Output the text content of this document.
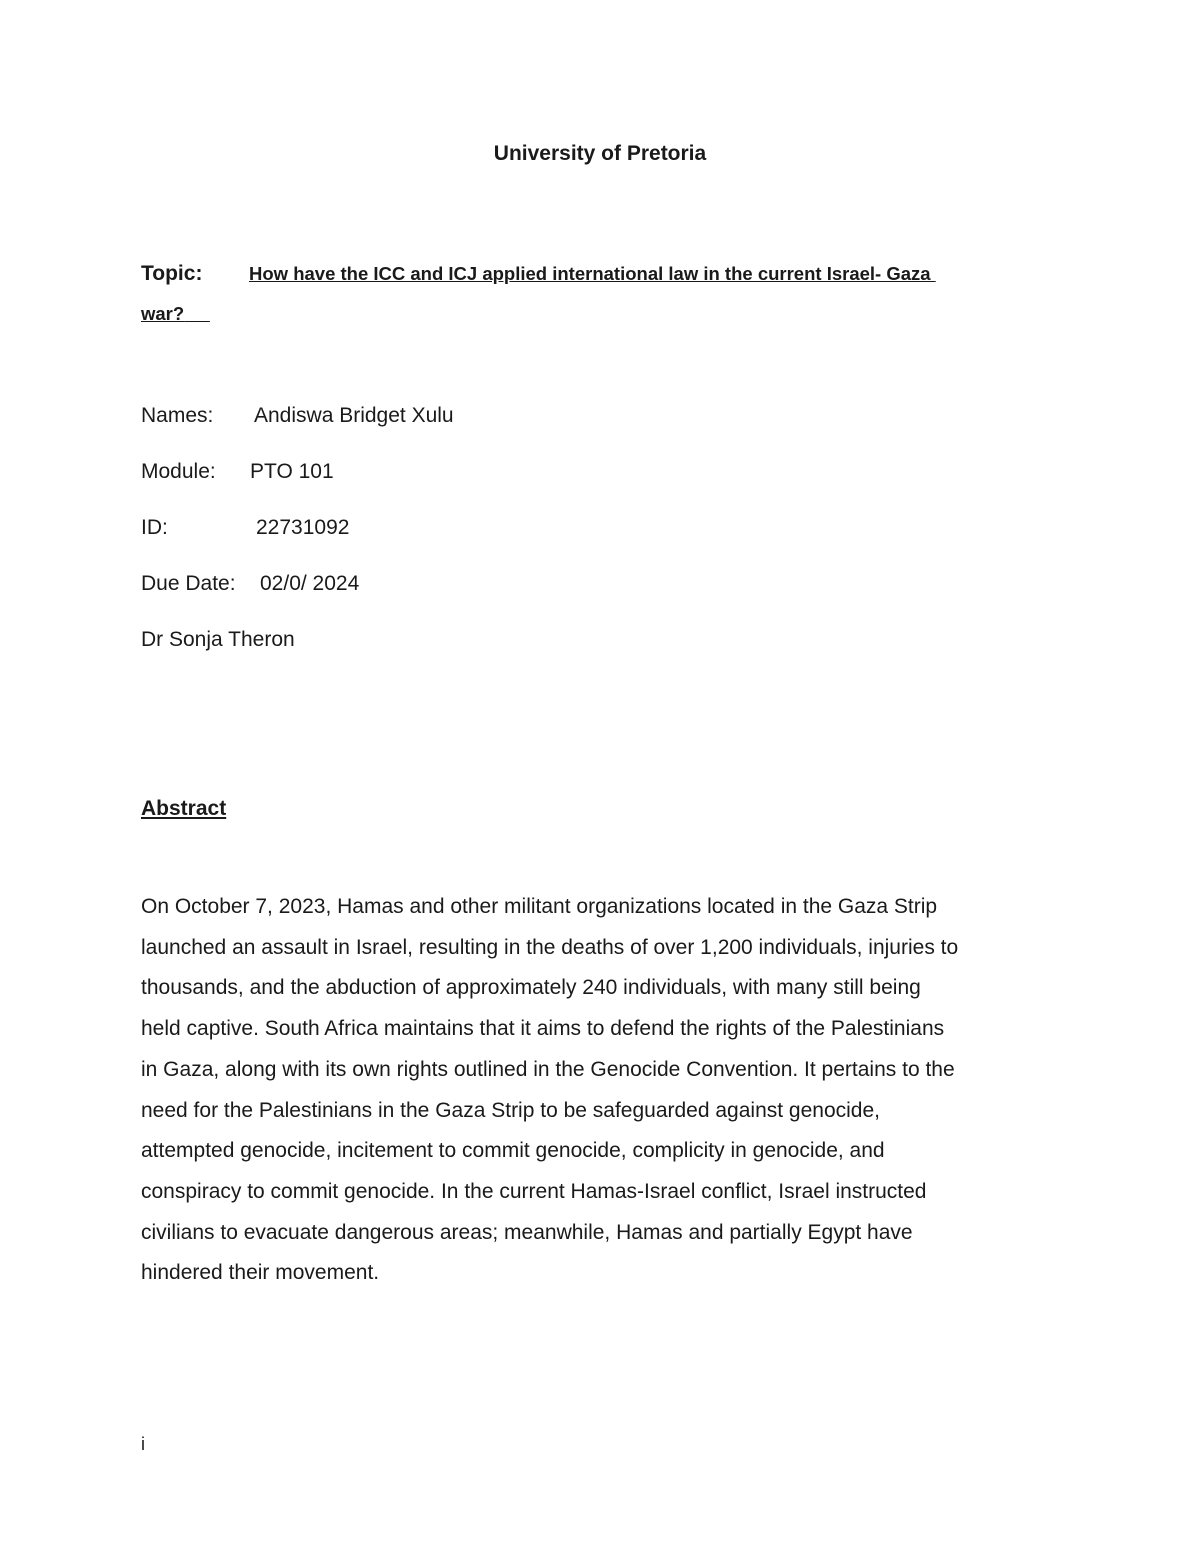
University of Pretoria
Topic:	How have the ICC and ICJ applied international law in the current Israel- Gaza
war?
Names: Andiswa Bridget Xulu
Module: PTO 101
ID:	22731092
Due Date: 02/0/ 2024
Dr Sonja Theron
Abstract
On October 7, 2023, Hamas and other militant organizations located in the Gaza Strip
launched an assault in Israel, resulting in the deaths of over 1,200 individuals, injuries to
thousands, and the abduction of approximately 240 individuals, with many still being
held captive. South Africa maintains that it aims to defend the rights of the Palestinians
in Gaza, along with its own rights outlined in the Genocide Convention. It pertains to the
need for the Palestinians in the Gaza Strip to be safeguarded against genocide,
attempted genocide, incitement to commit genocide, complicity in genocide, and
conspiracy to commit genocide. In the current Hamas-Israel conflict, Israel instructed
civilians to evacuate dangerous areas; meanwhile, Hamas and partially Egypt have
hindered their movement.
i
